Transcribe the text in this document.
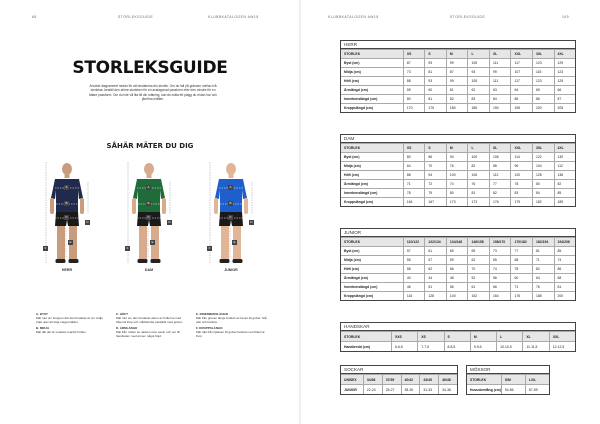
68	STORLEKSGUIDE	KLUBBKATALOGEN AW18
STORLEKSGUIDE
Använd diagrammet nedan för att bestämma din storlek. Om du fall på gränsen mellan två storlekar, beställ den större storleken för en avslappnad passform eller den mindre för en tätare passform. Om du inte vill lita till din mätning, kan du mäta ett plagg du redan har och jämföra måtten.
SÅHÄR MÄTER DU DIG
A
B
C
D
E
F
HERR
A
B
C
D
E
F
DAM
A
B
C
D
E
F
JUNIOR
A. BYST
Mät runt om kroppen där det bredaste är om midje (rakt utan att böja mage) kläder.
B. MIDJA
Mät där det är smalast ovanför höften.
C. HÖFT
Mät runt om den bredaste delen av höfterna med fötterna ihop och måttbandet parallellt med golvet.
D. ÄRMLÄNGD
Mät från mitten av nacken över axeln och ner till handleden med armen något böjd.
E. INNERBENSLÄNGD
Mät från grenen längs insidan av benet till golvet. Stå rakt och barfota.
F. KROPPSLÄNGD
Mät rakt från hjässan till golvet barfota med fötterna ihop.
KLUBBKATALOGEN AW18	STORLEKSGUIDE	169
HERR
STORLEK	XS	S	M	L	XL	XXL	3XL	4XL
Byst (cm)	87	93	99	105	111	117	123	129
Midja (cm)	73	81	87	93	99	107	115	123
Höft (cm)	88	93	99	105	111	117	123	129
Ärmlängd (cm)	59	60	61	62	63	64	65	66
Innerbenslängd (cm)	80	81	82	83	84	85	86	87
Kroppslängd (cm)	170	175	180	185	190	195	200	205
DAM
STORLEK	XS	S	M	L	XL	XXL	3XL	4XL
Byst (cm)	80	86	94	100	106	114	122	130
Midja (cm)	64	70	76	82	88	96	104	112
Höft (cm)	88	94	100	106	112	120	128	136
Ärmlängd (cm)	71	72	74	76	77	78	80	82
Innerbenslängd (cm)	78	79	80	81	82	83	84	85
Kroppslängd (cm)	164	167	170	173	176	179	182	185
JUNIOR
STORLEK	110/122	122/134	134/146	146/158	158/170	170/182	182/194	194/206
Byst (cm)	57	61	65	69	73	77	81	85
Midja (cm)	55	57	59	62	65	68	71	74
Höft (cm)	58	62	66	70	74	78	82	86
Ärmlängd (cm)	40	44	48	52	56	60	64	68
Innerbenslängd (cm)	46	51	56	61	66	71	76	81
Kroppslängd (cm)	116	128	140	152	164	176	188	200
HANDSKAR
STORLEK	XXS	XS	S	M	L	XL	XXL
Handbredd (cm)	6-6,5	7-7,5	8-8,5	9-9,5	10-10,5	11-11,5	12-12,5
SOCKAR
UNISEX	34/36	37/39	40/42	43/45	46/48
JUNIOR	22-24	25-27	28-30	31-33	34-36
MÖSSOR
STORLEK	S/M	L/XL
Huvudomfång (cm)	54-56	57-59
